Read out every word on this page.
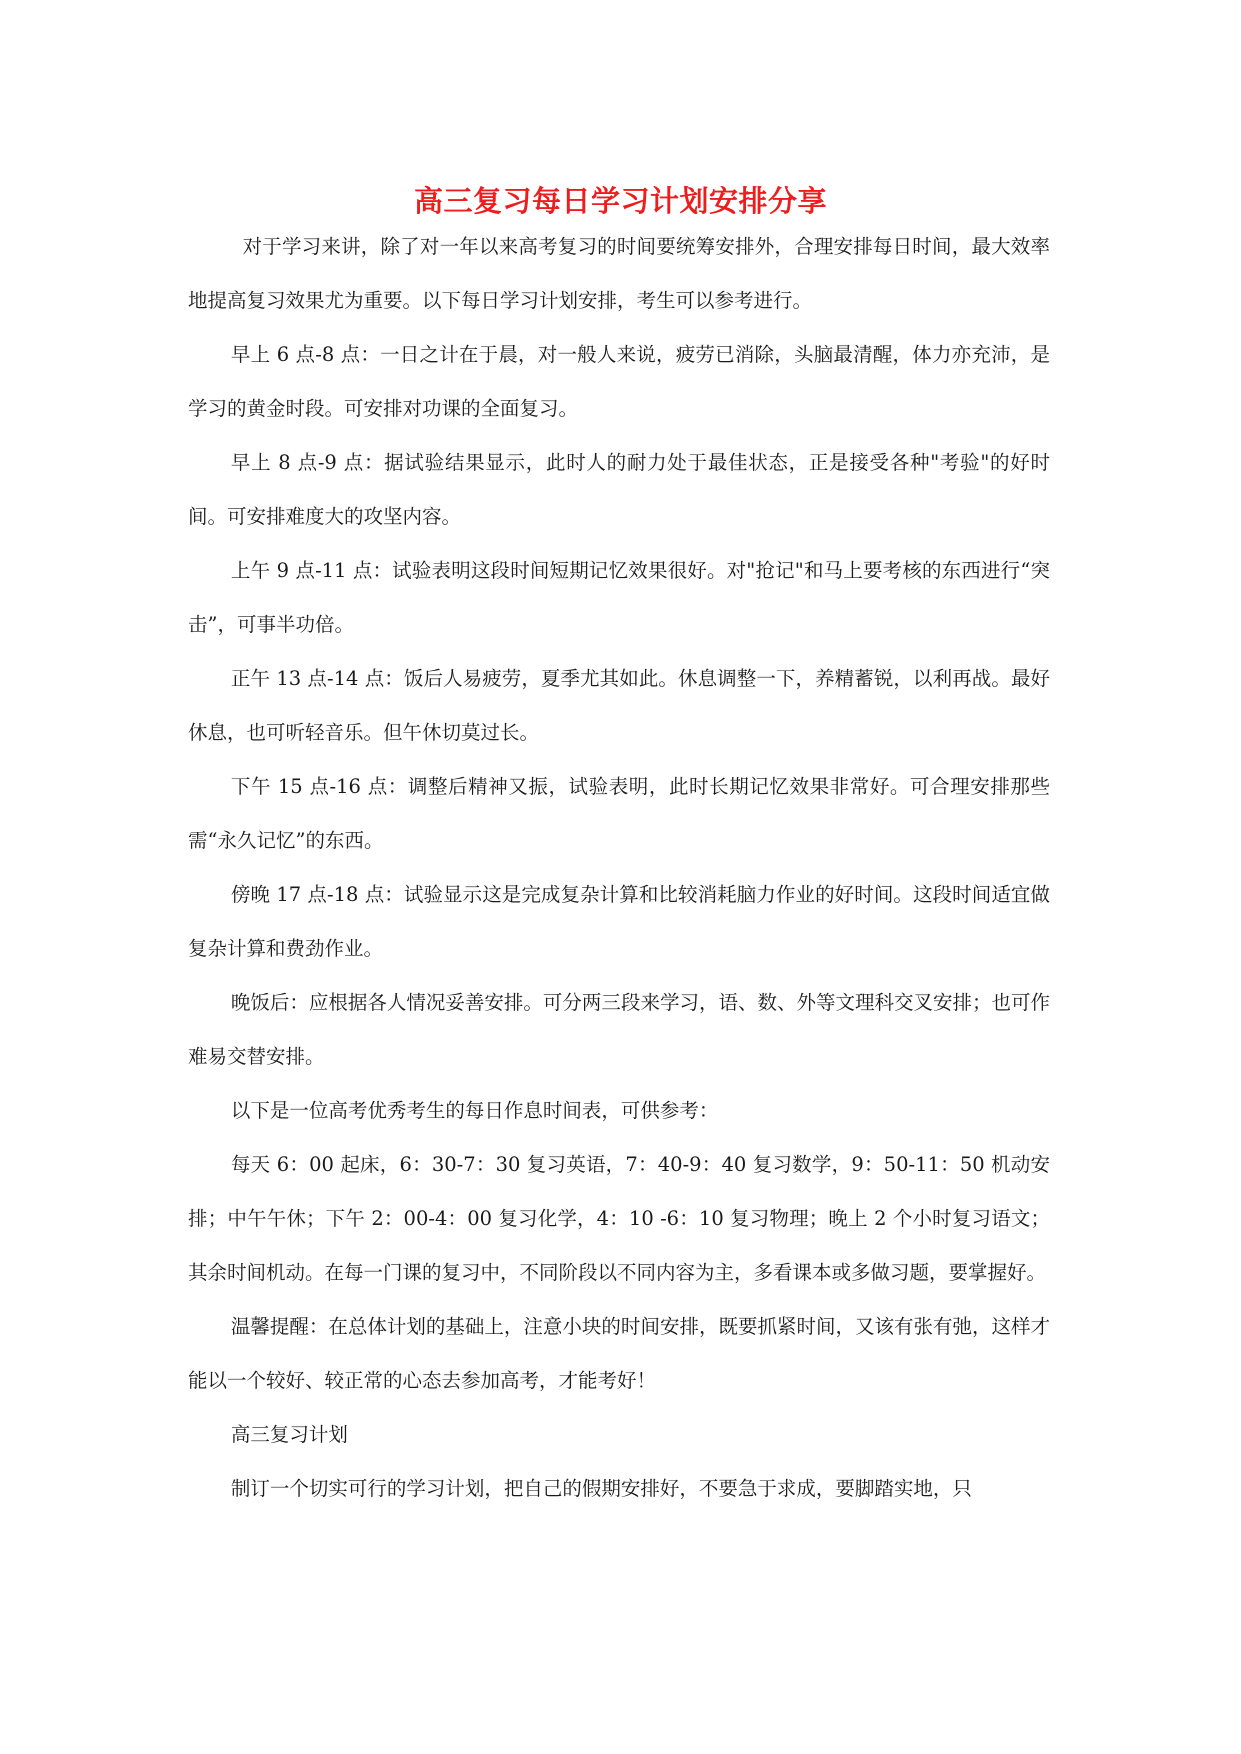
高三复习每日学习计划安排分享

对于学习来讲，除了对一年以来高考复习的时间要统筹安排外，合理安排每日时间，最大效率地提高复习效果尤为重要。以下每日学习计划安排，考生可以参考进行。

早上 6 点-8 点：一日之计在于晨，对一般人来说，疲劳已消除，头脑最清醒，体力亦充沛，是学习的黄金时段。可安排对功课的全面复习。

早上 8 点-9 点：据试验结果显示，此时人的耐力处于最佳状态，正是接受各种"考验"的好时间。可安排难度大的攻坚内容。

上午 9 点-11 点：试验表明这段时间短期记忆效果很好。对"抢记"和马上要考核的东西进行“突击”，可事半功倍。

正午 13 点-14 点：饭后人易疲劳，夏季尤其如此。休息调整一下，养精蓄锐，以利再战。最好休息，也可听轻音乐。但午休切莫过长。

下午 15 点-16 点：调整后精神又振，试验表明，此时长期记忆效果非常好。可合理安排那些需“永久记忆”的东西。

傍晚 17 点-18 点：试验显示这是完成复杂计算和比较消耗脑力作业的好时间。这段时间适宜做复杂计算和费劲作业。

晚饭后：应根据各人情况妥善安排。可分两三段来学习，语、数、外等文理科交叉安排；也可作难易交替安排。

以下是一位高考优秀考生的每日作息时间表，可供参考：

每天 6：00 起床，6：30-7：30 复习英语，7：40-9：40 复习数学，9：50-11：50 机动安排；中午午休；下午 2：00-4：00 复习化学，4：10 -6：10 复习物理；晚上 2 个小时复习语文；其余时间机动。在每一门课的复习中，不同阶段以不同内容为主，多看课本或多做习题，要掌握好。

温馨提醒：在总体计划的基础上，注意小块的时间安排，既要抓紧时间，又该有张有弛，这样才能以一个较好、较正常的心态去参加高考，才能考好！

高三复习计划

制订一个切实可行的学习计划，把自己的假期安排好，不要急于求成，要脚踏实地，只
